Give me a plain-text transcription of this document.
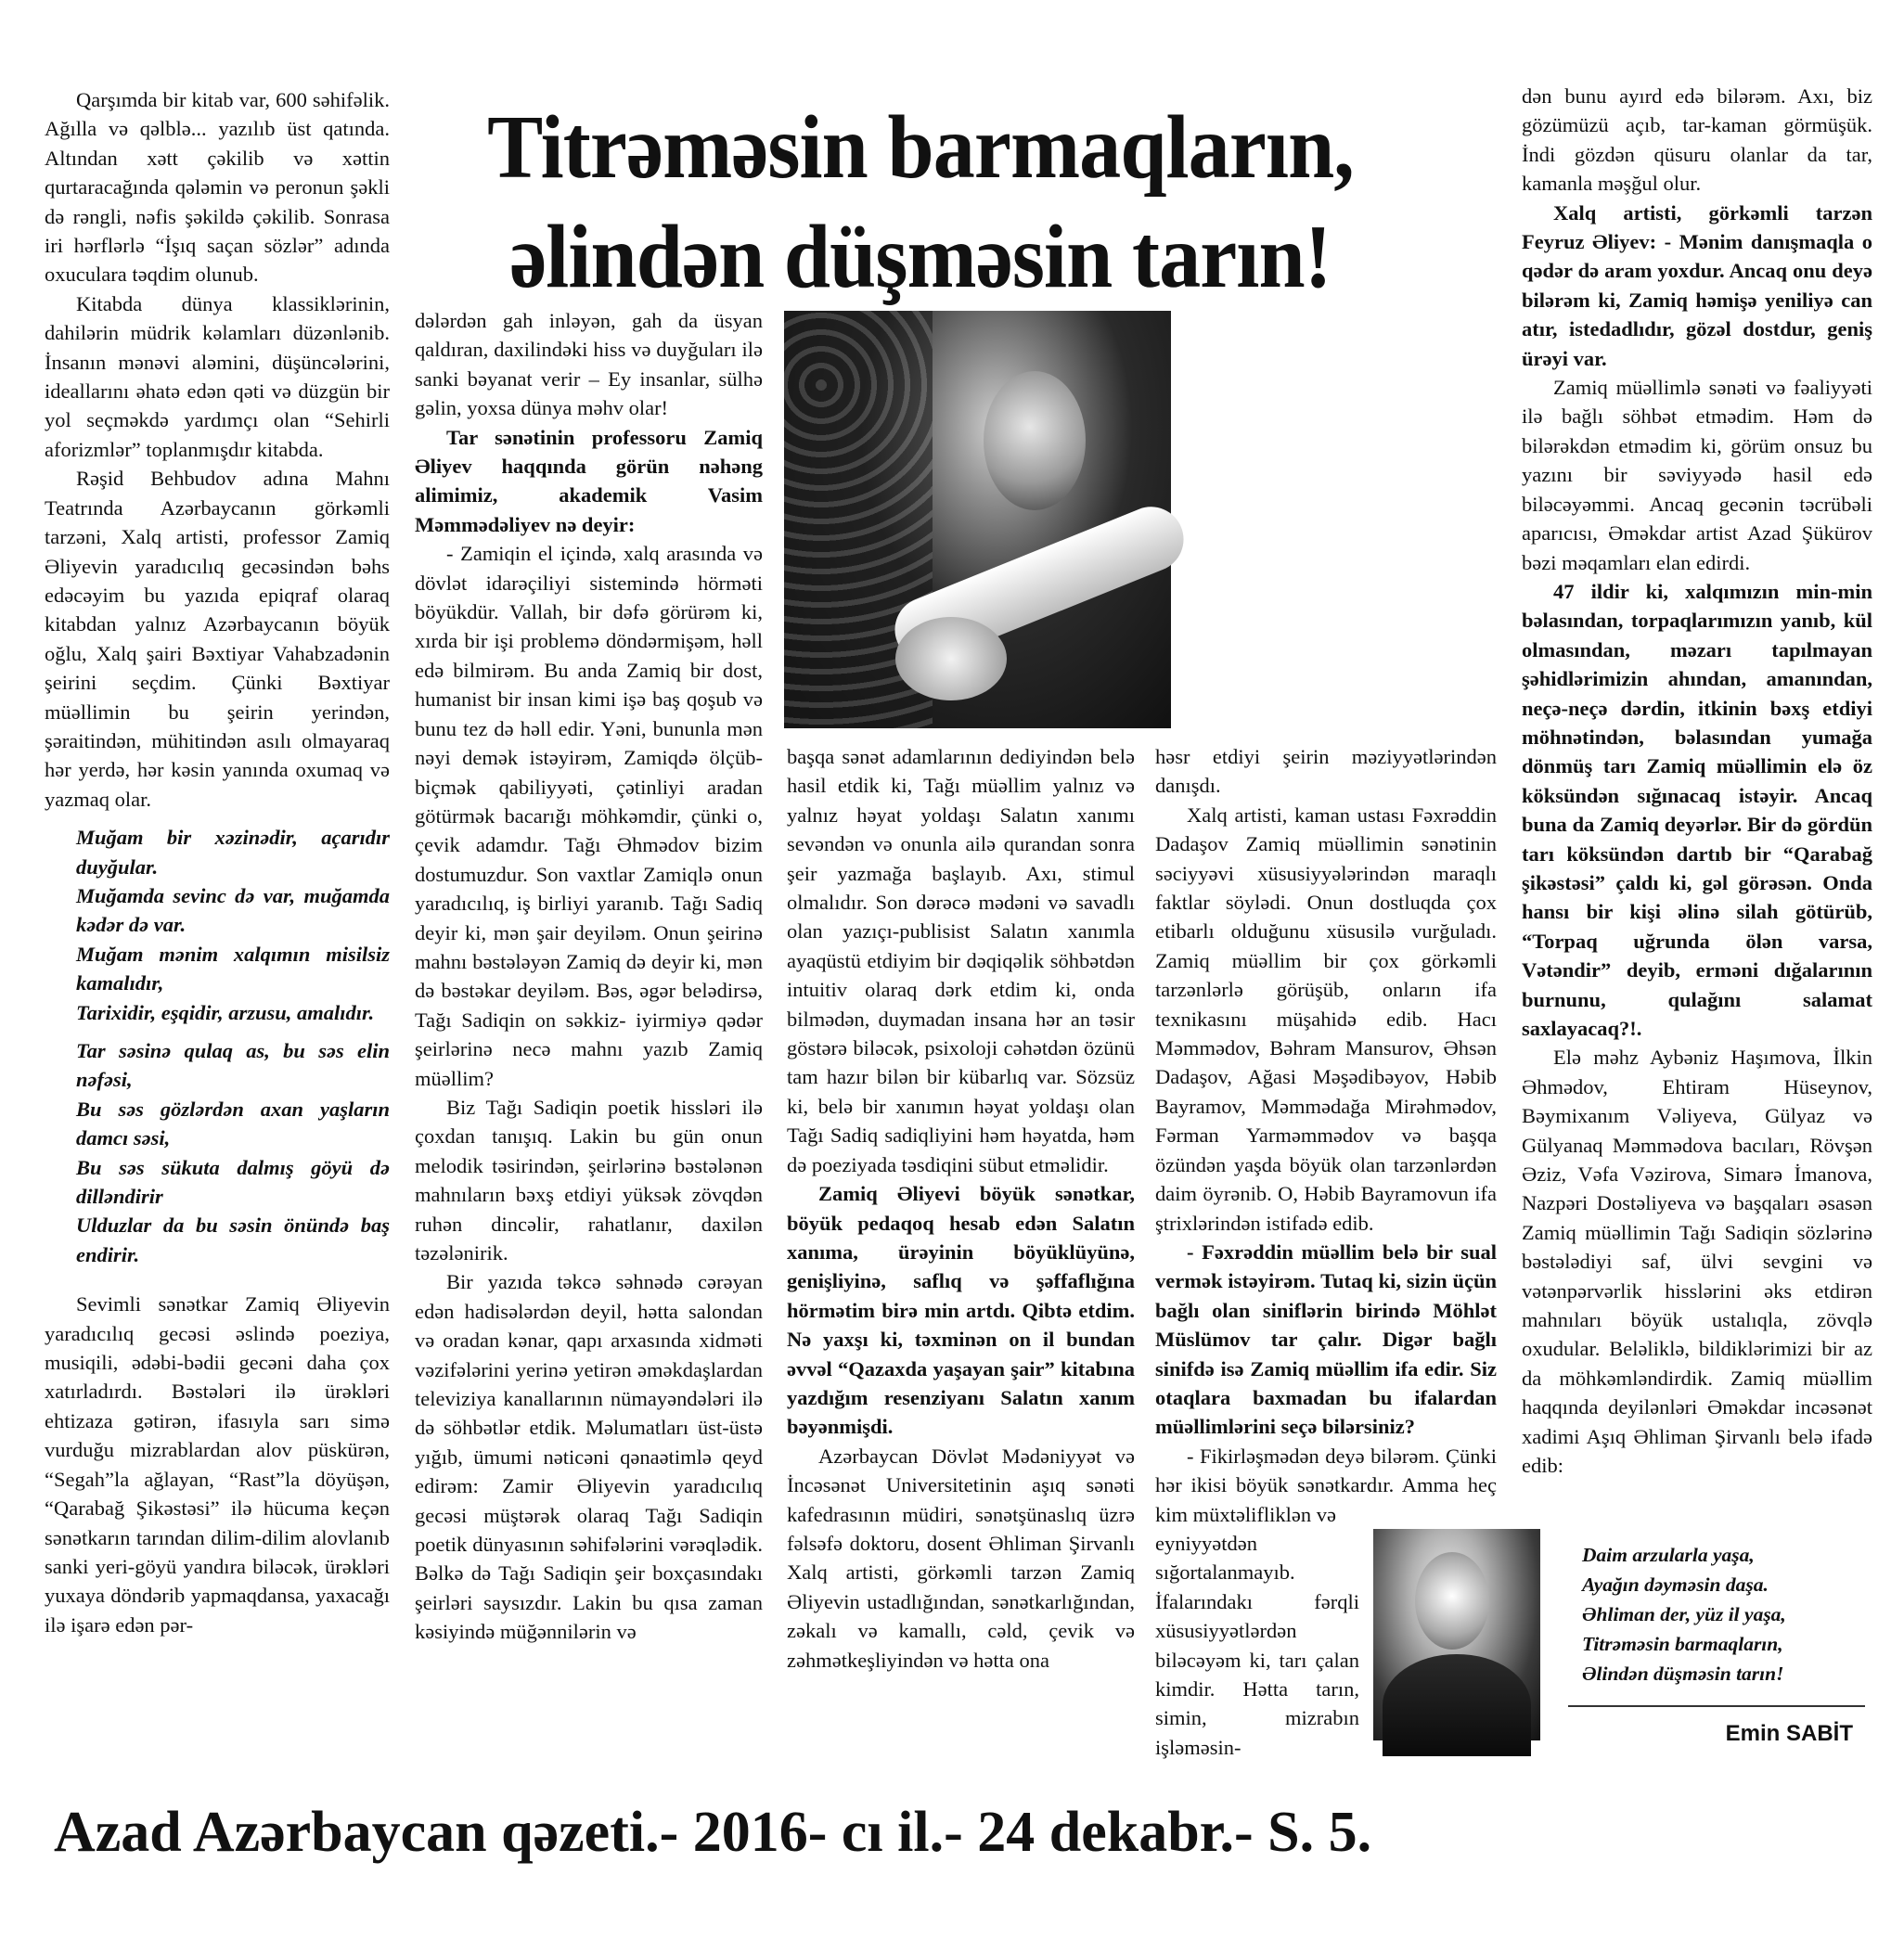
Titrəməsin barmaqların,
əlindən düşməsin tarın!

Qarşımda bir kitab var, 600 səhifəlik. Ağılla və qəlblə... yazılıb üst qatında. Altından xətt çəkilib və xəttin qurtaracağında qələmin və peronun şəkli də rəngli, nəfis şəkildə çəkilib. Sonrasa iri hərflərlə “İşıq saçan sözlər” adında oxuculara təqdim olunub.

Kitabda dünya klassiklərinin, dahilərin müdrik kəlamları düzənlənib. İnsanın mənəvi aləmini, düşüncələrini, ideallarını əhatə edən qəti və düzgün bir yol seçməkdə yardımçı olan “Sehirli aforizmlər” toplanmışdır kitabda.

Rəşid Behbudov adına Mahnı Teatrında Azərbaycanın görkəmli tarzəni, Xalq artisti, professor Zamiq Əliyevin yaradıcılıq gecəsindən bəhs edəcəyim bu yazıda epiqraf olaraq kitabdan yalnız Azərbaycanın böyük oğlu, Xalq şairi Bəxtiyar Vahabzadənin şeirini seçdim. Çünki Bəxtiyar müəllimin bu şeirin yerindən, şəraitindən, mühitindən asılı olmayaraq hər yerdə, hər kəsin yanında oxumaq və yazmaq olar.

Muğam bir xəzinədir, açarıdır duyğular.
Muğamda sevinc də var, muğamda kədər də var.
Muğam mənim xalqımın misilsiz kamalıdır,
Tarixidir, eşqidir, arzusu, amalıdır.

Tar səsinə qulaq as, bu səs elin nəfəsi,
Bu səs gözlərdən axan yaşların damcı səsi,
Bu səs sükuta dalmış göyü də dilləndirir
Ulduzlar da bu səsin önündə baş endirir.

Sevimli sənətkar Zamiq Əliyevin yaradıcılıq gecəsi əslində poeziya, musiqili, ədəbi-bədii gecəni daha çox xatırladırdı. Bəstələri ilə ürəkləri ehtizaza gətirən, ifasıyla sarı simə vurduğu mizrablardan alov püskürən, “Segah”la ağlayan, “Rast”la döyüşən, “Qarabağ Şikəstəsi” ilə hücuma keçən sənətkarın tarından dilim-dilim alovlanıb sanki yeri-göyü yandıra biləcək, ürəkləri yuxaya döndərib yapmaqdansa, yaxacağı ilə işarə edən pər-

dələrdən gah inləyən, gah da üsyan qaldıran, daxilindəki hiss və duyğuları ilə sanki bəyanat verir – Ey insanlar, sülhə gəlin, yoxsa dünya məhv olar!

Tar sənətinin professoru Zamiq Əliyev haqqında görün nəhəng alimimiz, akademik Vasim Məmmədəliyev nə deyir:

- Zamiqin el içində, xalq arasında və dövlət idarəçiliyi sistemində hörməti böyükdür. Vallah, bir dəfə görürəm ki, xırda bir işi problemə döndərmişəm, həll edə bilmirəm. Bu anda Zamiq bir dost, humanist bir insan kimi işə baş qoşub və bunu tez də həll edir. Yəni, bununla mən nəyi demək istəyirəm, Zamiqdə ölçüb-biçmək qabiliyyəti, çətinliyi aradan götürmək bacarığı möhkəmdir, çünki o, çevik adamdır. Tağı Əhmədov bizim dostumuzdur. Son vaxtlar Zamiqlə onun yaradıcılıq, iş birliyi yaranıb. Tağı Sadiq deyir ki, mən şair deyiləm. Onun şeirinə mahnı bəstələyən Zamiq də deyir ki, mən də bəstəkar deyiləm. Bəs, əgər belədirsə, Tağı Sadiqin on səkkiz- iyirmiyə qədər şeirlərinə necə mahnı yazıb Zamiq müəllim?

Biz Tağı Sadiqin poetik hissləri ilə çoxdan tanışıq. Lakin bu gün onun melodik təsirindən, şeirlərinə bəstələnən mahnıların bəxş etdiyi yüksək zövqdən ruhən dincəlir, rahatlanır, daxilən təzələnirik.

Bir yazıda təkcə səhnədə cərəyan edən hadisələrdən deyil, hətta salondan və oradan kənar, qapı arxasında xidməti vəzifələrini yerinə yetirən əməkdaşlardan televiziya kanallarının nümayəndələri ilə də söhbətlər etdik. Məlumatları üst-üstə yığıb, ümumi nəticəni qənaətimlə qeyd edirəm: Zamir Əliyevin yaradıcılıq gecəsi müştərək olaraq Tağı Sadiqin poetik dünyasının səhifələrini vərəqlədik. Bəlkə də Tağı Sadiqin şeir boxçasındakı şeirləri saysızdır. Lakin bu qısa zaman kəsiyində müğənnilərin və

başqa sənət adamlarının dediyindən belə hasil etdik ki, Tağı müəllim yalnız və yalnız həyat yoldaşı Salatın xanımı sevəndən və onunla ailə qurandan sonra şeir yazmağa başlayıb. Axı, stimul olmalıdır. Son dərəcə mədəni və savadlı olan yazıçı-publisist Salatın xanımla ayaqüstü etdiyim bir dəqiqəlik söhbətdən intuitiv olaraq dərk etdim ki, onda bilmədən, duymadan insana hər an təsir göstərə biləcək, psixoloji cəhətdən özünü tam hazır bilən bir kübarlıq var. Sözsüz ki, belə bir xanımın həyat yoldaşı olan Tağı Sadiq sadiqliyini həm həyatda, həm də poeziyada təsdiqini sübut etməlidir.

Zamiq Əliyevi böyük sənətkar, böyük pedaqoq hesab edən Salatın xanıma, ürəyinin böyüklüyünə, genişliyinə, saflıq və şəffaflığına hörmətim birə min artdı. Qibtə etdim. Nə yaxşı ki, təxminən on il bundan əvvəl “Qazaxda yaşayan şair” kitabına yazdığım resenziyanı Salatın xanım bəyənmişdi.

Azərbaycan Dövlət Mədəniyyət və İncəsənət Universitetinin aşıq sənəti kafedrasının müdiri, sənətşünaslıq üzrə fəlsəfə doktoru, dosent Əhliman Şirvanlı Xalq artisti, görkəmli tarzən Zamiq Əliyevin ustadlığından, sənətkarlığından, zəkalı və kamallı, cəld, çevik və zəhmətkeşliyindən və hətta ona

həsr etdiyi şeirin məziyyətlərindən danışdı.

Xalq artisti, kaman ustası Fəxrəddin Dadaşov Zamiq müəllimin sənətinin səciyyəvi xüsusiyyələrindən maraqlı faktlar söylədi. Onun dostluqda çox etibarlı olduğunu xüsusilə vurğuladı. Zamiq müəllim bir çox görkəmli tarzənlərlə görüşüb, onların ifa texnikasını müşahidə edib. Hacı Məmmədov, Bəhram Mansurov, Əhsən Dadaşov, Ağasi Məşədibəyov, Həbib Bayramov, Məmmədağa Mirəhmədov, Fərman Yarməmmədov və başqa özündən yaşda böyük olan tarzənlərdən daim öyrənib. O, Həbib Bayramovun ifa ştrixlərindən istifadə edib.

- Fəxrəddin müəllim belə bir sual vermək istəyirəm. Tutaq ki, sizin üçün bağlı olan siniflərin birində Möhlət Müslümov tar çalır. Digər bağlı sinifdə isə Zamiq müəllim ifa edir. Siz otaqlara baxmadan bu ifalardan müəllimlərini seçə bilərsiniz?

- Fikirləşmədən deyə bilərəm. Çünki hər ikisi böyük sənətkardır. Amma heç kim müxtəlifliklən və

eyniyyətdən sığortalanmayıb. İfalarındakı fərqli xüsusiyyətlərdən biləcəyəm ki, tarı çalan kimdir. Hətta tarın, simin, mizrabın işləməsin-

dən bunu ayırd edə bilərəm. Axı, biz gözümüzü açıb, tar-kaman görmüşük. İndi gözdən qüsuru olanlar da tar, kamanla məşğul olur.

Xalq artisti, görkəmli tarzən Feyruz Əliyev: - Mənim danışmaqla o qədər də aram yoxdur. Ancaq onu deyə bilərəm ki, Zamiq həmişə yeniliyə can atır, istedadlıdır, gözəl dostdur, geniş ürəyi var.

Zamiq müəllimlə sənəti və fəaliyyəti ilə bağlı söhbət etmədim. Həm də bilərəkdən etmədim ki, görüm onsuz bu yazını bir səviyyədə hasil edə biləcəyəmmi. Ancaq gecənin təcrübəli aparıcısı, Əməkdar artist Azad Şükürov bəzi məqamları elan edirdi.

47 ildir ki, xalqımızın min-min bəlasından, torpaqlarımızın yanıb, kül olmasından, məzarı tapılmayan şəhidlərimizin ahından, amanından, neçə-neçə dərdin, itkinin bəxş etdiyi möhnətindən, bəlasından yumağa dönmüş tarı Zamiq müəllimin elə öz köksündən sığınacaq istəyir. Ancaq buna da Zamiq deyərlər. Bir də gördün tarı köksündən dartıb bir “Qarabağ şikəstəsi” çaldı ki, gəl görəsən. Onda hansı bir kişi əlinə silah götürüb, “Torpaq uğrunda ölən varsa, Vətəndir” deyib, erməni dığalarının burnunu, qulağını salamat saxlayacaq?!.

Elə məhz Aybəniz Haşımova, İlkin Əhmədov, Ehtiram Hüseynov, Bəymixanım Vəliyeva, Gülyaz və Gülyanaq Məmmədova bacıları, Rövşən Əziz, Vəfa Vəzirova, Simarə İmanova, Nazpəri Dostəliyeva və başqaları əsasən Zamiq müəllimin Tağı Sadiqin sözlərinə bəstələdiyi saf, ülvi sevgini və vətənpərvərlik hisslərini əks etdirən mahnıları böyük ustalıqla, zövqlə oxudular. Beləliklə, bildiklərimizi bir az da möhkəmləndirdik. Zamiq müəllim haqqında deyilənləri Əməkdar incəsənət xadimi Aşıq Əhliman Şirvanlı belə ifadə edib:

Daim arzularla yaşa,
Ayağın dəyməsin daşa.
Əhliman der, yüz il yaşa,
Titrəməsin barmaqların,
Əlindən düşməsin tarın!
Emin SABİT

Azad Azərbaycan qəzeti.- 2016- cı il.- 24 dekabr.- S. 5.
